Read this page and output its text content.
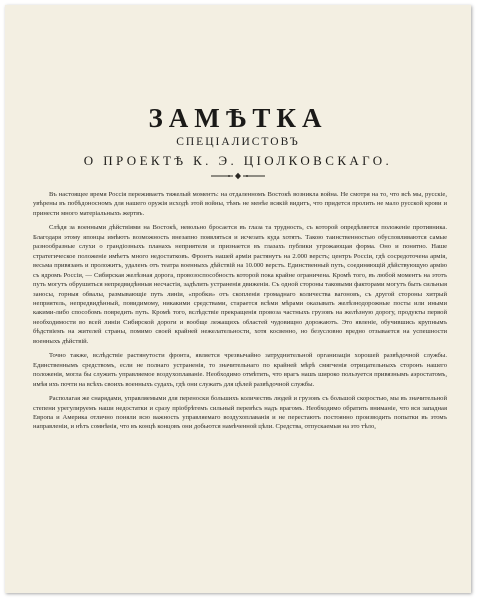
ЗАМѢТКА
СПЕЦІАЛИСТОВЪ
О ПРОЕКТѢ К. Э. ЦІОЛКОВСКАГО.

Въ настоящее время Россія переживаетъ тяжелый моментъ: на отдаленномъ Востокѣ возникла война. Не смотря на то, что всѣ мы, русскіе, увѣрены въ побѣдоносномъ для нашего оружія исходѣ этой войны, тѣмъ не менѣе всякій видитъ, что придется пролить не мало русской крови и принести много матеріальныхъ жертвъ.

Слѣдя за военными дѣйствіями на Востокѣ, невольно бросается въ глаза та трудность, съ которой опредѣляется положеніе противника. Благодаря этому японцы имѣютъ возможность внезапно появляться и исчезать куда хотятъ. Такою таинственностью обусловливаются самые разнообразные слухи о грандіозныхъ планахъ неприятеля и признается въ глазахъ публики угрожающая форма. Оно и понятно. Наше стратегическое положеніе имѣетъ много недостатковъ. Фронтъ нашей арміи растянутъ на 2.000 верстъ; центръ Россіи, гдѣ сосредоточена армія, весьма привязанъ и проложитъ, удаленъ отъ театра военныхъ дѣйствій на 10.000 верстъ. Единственный путь, соединяющій дѣйствующую армію съ ядромъ Россіи, — Сибирская желѣзная дорога, провозоспособность которой пока крайне ограничена. Кромѣ того, въ любой моментъ на этотъ путь могутъ обрушиться непредвидѣнныя несчастія, задѣлить устраненія движенія. Съ одной стороны таковыми факторами могутъ быть сильныя заносы, горныя обвалы, размывающіе путь линіи, «пробки» отъ скопленія громаднаго количества вагоновъ, съ другой стороны хитрый неприятель, непредвидѣнный, повидимому, никакими средствами, старается всѣми мѣрами оказывать желѣзнодорожные посты или иными какими-либо способомъ повредить путь. Кромѣ того, вслѣдствіе прекращенія провоза частныхъ грузовъ на желѣзную дорогу, продукты первой необходимости во всей линіи Сибирской дороги и вообще лежащихъ областей чудовищно дорожаютъ. Это явленіе, обучившись крупнымъ бѣдствіемъ на жителей страны, помимо своей крайней нежелательности, хотя косвенно, но безусловно вредно отзывается на успешности военныхъ дѣйствій.

Точно также, вслѣдствіе растянутости фронта, является чрезвычайно затруднительной организація хорошей развѣдочной службы. Единственнымъ средствомъ, если не полнаго устраненія, то значительнаго по крайней мѣрѣ смягченія отрицательныхъ сторонъ нашего положенія, могла бы служить управляемое воздухоплаваніе. Необходимо отмѣтить, что врагъ нашъ широко пользуется привязнымъ аэростатомъ, имѣя ихъ почти на всѣхъ своихъ военныхъ судахъ, гдѣ они служатъ для цѣлей развѣдочной службы.

Располагая же снарядами, управляемыми для переноски большихъ количествъ людей и грузовъ съ большой скоростью, мы въ значительной степени урегулируемъ наши недостатки и сразу пріобрѣтемъ сильный перевѣсъ надъ врагомъ. Необходимо обратить вниманіе, что вся западная Европа и Америка отлично поняли всю важность управляемаго воздухоплаванія и не перестаютъ постоянно производить попытки въ этомъ направленіи, и нѣтъ сомнѣнія, что въ концѣ концовъ они добьются намѣченной цѣли. Средства, отпускаемыя на это тѣло,
